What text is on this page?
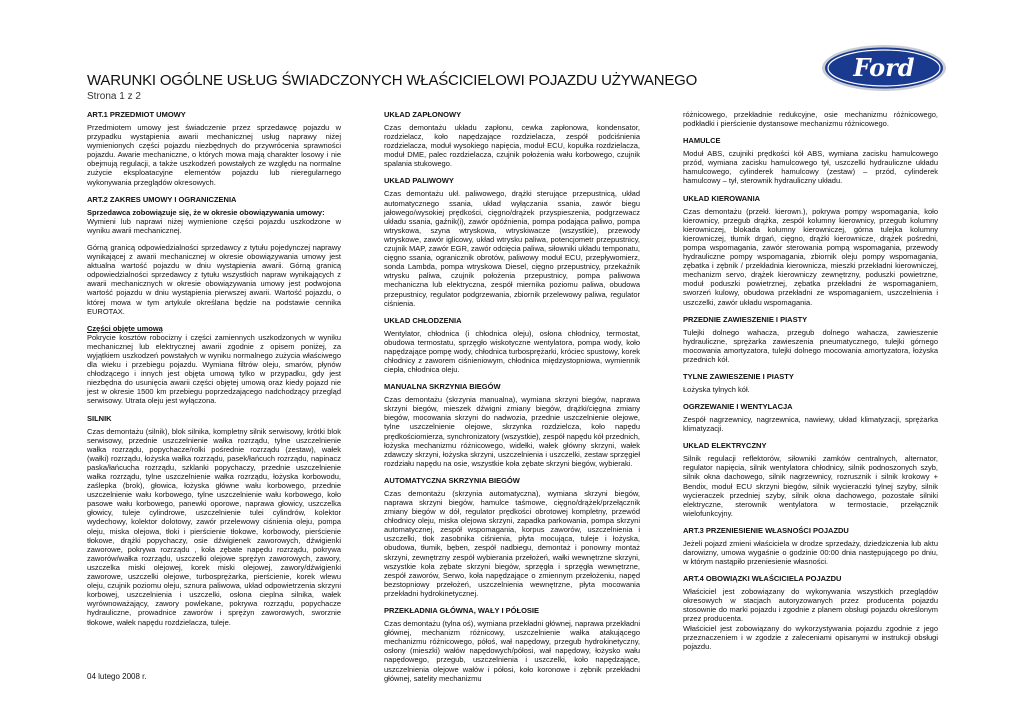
Ford
WARUNKI OGÓLNE USŁUG ŚWIADCZONYCH WŁAŚCICIELOWI POJAZDU UŻYWANEGO
Strona 1 z 2
ART.1 PRZEDMIOT UMOWY

Przedmiotem umowy jest świadczenie przez sprzedawcę pojazdu w przypadku wystąpienia awarii mechanicznej usług naprawy niżej wymienionych części pojazdu niezbędnych do przywrócenia sprawności pojazdu. Awarie mechaniczne, o których mowa mają charakter losowy i nie obejmują regulacji, a także uszkodzeń powstałych ze względu na normalne zużycie eksploatacyjne elementów pojazdu lub nieregularnego wykonywania przeglądów okresowych.

ART.2 ZAKRES UMOWY I OGRANICZENIA

Sprzedawca zobowiązuje się, że w okresie obowiązywania umowy:
Wymieni lub naprawi niżej wymienione części pojazdu uszkodzone w wyniku awarii mechanicznej.

Górną granicą odpowiedzialności sprzedawcy z tytułu pojedynczej naprawy wynikającej z awarii mechanicznej w okresie obowiązywania umowy jest aktualna wartość pojazdu w dniu wystąpienia awarii. Górną granicą odpowiedzialności sprzedawcy z tytułu wszystkich napraw wynikających z awarii mechanicznych w okresie obowiązywania umowy jest podwojona wartość pojazdu w dniu wystąpienia pierwszej awarii. Wartość pojazdu, o której mowa w tym artykule określana będzie na podstawie cennika EUROTAX.

Części objęte umową
Pokrycie kosztów robocizny i części zamiennych uszkodzonych w wyniku mechanicznej lub elektrycznej awarii zgodnie z opisem poniżej, za wyjątkiem uszkodzeń powstałych w wyniku normalnego zużycia właściwego dla wieku i przebiegu pojazdu. Wymiana filtrów oleju, smarów, płynów chłodzącego i innych jest objęta umową tylko w przypadku, gdy jest niezbędna do usunięcia awarii części objętej umową oraz kiedy pojazd nie jest w okresie 1500 km przebiegu poprzedzającego nadchodzący przegląd serwisowy. Utrata oleju jest wyłączona.

SILNIK

Czas demontażu (silnik), blok silnika, kompletny silnik serwisowy, krótki blok serwisowy, przednie uszczelnienie wałka rozrządu, tylne uszczelnienie wałka rozrządu, popychacze/rolki pośrednie rozrządu (zestaw), wałek (wałki) rozrządu, łożyska wałka rozrządu, pasek/łańcuch rozrządu, napinacz paska/łańcucha rozrządu, szklanki popychaczy, przednie uszczelnienie wałka rozrządu, tylne uszczelnienie wałka rozrządu, łożyska korbowodu, zaślepka (brok), głowica, łożyska główne wału korbowego, przednie uszczelnienie wału korbowego, tylne uszczelnienie wału korbowego, koło pasowe wału korbowego, panewki oporowe, naprawa głowicy, uszczelka głowicy, tuleje cylindrowe, uszczelnienie tulei cylindrów, kolektor wydechowy, kolektor dolotowy, zawór przelewowy ciśnienia oleju, pompa oleju, miska olejowa, tłoki i pierścienie tłokowe, korbowody, pierścienie tłokowe, drążki popychaczy, osie dźwigienek zaworowych, dźwigienki zaworowe, pokrywa rozrządu , koła zębate napędu rozrządu, pokrywa zaworów/wałka rozrządu, uszczelki olejowe sprężyn zaworowych, zawory, uszczelka miski olejowej, korek miski olejowej, zawory/dźwigienki zaworowe, uszczelki olejowe, turbosprężarka, pierścienie, korek wlewu oleju, czujnik poziomu oleju, sznura paliwowa, układ odpowietrzenia skrzyni korbowej, uszczelnienia i uszczelki, osłona cieplna silnika, wałek wyrównoważający, zawory powlekane, pokrywa rozrządu, popychacze hydrauliczne, prowadnice zaworów i sprężyn zaworowych, sworznie tłokowe, wałek napędu rozdzielacza, tuleje.

UKŁAD ZAPŁONOWY

Czas demontażu układu zapłonu, cewka zapłonowa, kondensator, rozdzielacz, koło napędzające rozdzielacza, zespół podciśnienia rozdzielacza, moduł wysokiego napięcia, moduł ECU, kopułka rozdzielacza, moduł DME, palec rozdzielacza, czujnik położenia wału korbowego, czujnik spalania stukowego.

UKŁAD PALIWOWY

Czas demontażu ukł. paliwowego, drążki sterujące przepustnicą, układ automatycznego ssania, układ wyłączania ssania, zawór biegu jałowego/wysokiej prędkości, cięgno/drążek przyspieszenia, podgrzewacz układu ssania, gaźnik(i), zawór opóźnienia, pompa podająca paliwo, pompa wtryskowa, szyna wtryskowa, wtryskiwacze (wszystkie), przewody wtryskowe, zawór iglicowy, układ wtrysku paliwa, potencjometr przepustnicy, czujnik MAP, zawór EGR, zawór odcięcia paliwa, siłowniki układu temponatu, cięgno ssania, ogranicznik obrotów, paliwowy moduł ECU, przepływomierz, sonda Lambda, pompa wtryskowa Diesel, cięgno przepustnicy, przekaźnik wtrysku paliwa, czujnik położenia przepustnicy, pompa paliwowa mechaniczna lub elektryczna, zespół miernika poziomu paliwa, obudowa przepustnicy, regulator podgrzewania, zbiornik przelewowy paliwa, regulator ciśnienia.

UKŁAD CHŁODZENIA

Wentylator, chłodnica (i chłodnica oleju), osłona chłodnicy, termostat, obudowa termostatu, sprzęgło wiskotyczne wentylatora, pompa wody, koło napędzające pompę wody, chłodnica turbosprężarki, króciec spustowy, korek chłodnicy z zaworem ciśnieniowym, chłodnica międzystopniowa, wymiennik ciepła, chłodnica oleju.

MANUALNA SKRZYNIA BIEGÓW

Czas demontażu (skrzynia manualna), wymiana skrzyni biegów, naprawa skrzyni biegów, mieszek dźwigni zmiany biegów, drążki/cięgna zmiany biegów, mocowania skrzyni do nadwozia, przednie uszczelnienie olejowe, tylne uszczelnienie olejowe, skrzynka rozdzielcza, koło napędu prędkościomierza, synchronizatory (wszystkie), zespół napędu kół przednich, łożyska mechanizmu różnicowego, widełki, wałek główny skrzyni, wałek zdawczy skrzyni, łożyska skrzyni, uszczelnienia i uszczelki, zestaw sprzęgieł rozdziału napędu na osie, wszystkie koła zębate skrzyni biegów, wybieraki.

AUTOMATYCZNA SKRZYNIA BIEGÓW

Czas demontażu (skrzynia automatyczna), wymiana skrzyni biegów, naprawa skrzyni biegów, hamulce taśmowe, cięgno/drążek/przełącznik zmiany biegów w dół, regulator prędkości obrotowej kompletny, przewód chłodnicy oleju, miska olejowa skrzyni, zapadka parkowania, pompa skrzyni automatycznej, zespół wspomagania, korpus zaworów, uszczelnienia i uszczelki, tłok zasobnika ciśnienia, płyta mocująca, tuleje i łożyska, obudowa, tłumik, bęben, zespół nadbiegu, demontaż i ponowny montaż skrzyni, zewnętrzny zespół wybierania przełożeń, wałki wewnętrzne skrzyni, wszystkie koła zębate skrzyni biegów, sprzęgła i sprzęgła wewnętrzne, zespół zaworów, Serwo, koła napędzające o zmiennym przełożeniu, napęd bezstopniowy przełożeń, uszczelnienia wewnętrzne, płyta mocowania przekładni hydrokinetycznej.

PRZEKŁADNIA GŁÓWNA, WAŁY I PÓŁOSIE

Czas demontażu (tylna oś), wymiana przekładni głównej, naprawa przekładni głównej, mechanizm różnicowy, uszczelnienie wałka atakującego mechanizmu różnicowego, półoś, wał napędowy, przegub hydrokinetyczny, osłony (mieszki) wałów napędowych/półosi, wał napędowy, łożysko wału napędowego, przegub, uszczelnienia i uszczelki, koło napędzające, uszczelnienia olejowe wałów i półosi, koło koronowe i zębnik przekładni głównej, satelity mechanizmu

różnicowego, przekładnie redukcyjne, osie mechanizmu różnicowego, podkładki i pierścienie dystansowe mechanizmu różnicowego.

HAMULCE

Moduł ABS, czujniki prędkości kół ABS, wymiana zacisku hamulcowego przód, wymiana zacisku hamulcowego tył, uszczelki hydrauliczne układu hamulcowego, cylinderek hamulcowy (zestaw) – przód, cylinderek hamulcowy – tył, sterownik hydrauliczny układu.

UKŁAD KIEROWANIA

Czas demontażu (przekł. kierown.), pokrywa pompy wspomagania, koło kierownicy, przegub drążka, zespół kolumny kierownicy, przegub kolumny kierowniczej, blokada kolumny kierowniczej, górna tulejka kolumny kierowniczej, tłumik drgań, cięgno, drążki kierownicze, drążek pośredni, pompa wspomagania, zawór sterowania pompą wspomagania, przewody hydrauliczne pompy wspomagania, zbiornik oleju pompy wspomagania, zębatka i zębnik / przekładnia kierownicza, mieszki przekładni kierowniczej, mechanizm servo, drążek kierowniczy zewnętrzny, poduszki powietrzne, moduł poduszki powietrznej, zębatka przekładni że wspomaganiem, sworzeń kulowy, obudowa przekładni ze wspomaganiem, uszczelnienia i uszczelki, zawór układu wspomagania.

PRZEDNIE ZAWIESZENIE I PIASTY

Tulejki dolnego wahacza, przegub dolnego wahacza, zawieszenie hydrauliczne, sprężarka zawieszenia pneumatycznego, tulejki górnego mocowania amortyzatora, tulejki dolnego mocowania amortyzatora, łożyska przednich kół.

TYLNE ZAWIESZENIE I PIASTY

Łożyska tylnych kół.

OGRZEWANIE I WENTYLACJA

Zespół nagrzewnicy, nagrzewnica, nawiewy, układ klimatyzacji, sprężarka klimatyzacji.

UKŁAD ELEKTRYCZNY

Silnik regulacji reflektorów, siłowniki zamków centralnych, alternator, regulator napięcia, silnik wentylatora chłodnicy, silnik podnoszonych szyb, silnik okna dachowego, silnik nagrzewnicy, rozrusznik i silnik krokowy + Bendix, moduł ECU skrzyni biegów, silnik wycieraczki tylnej szyby, silnik wycieraczek przedniej szyby, silnik okna dachowego, pozostałe silniki elektryczne, sterownik wentylatora w termostacie, przełącznik wielofunkcyjny.

ART.3 PRZENIESIENIE WŁASNOŚCI POJAZDU

Jeżeli pojazd zmieni właściciela w drodze sprzedaży, dziedziczenia lub aktu darowizny, umowa wygaśnie o godzinie 00:00 dnia następującego po dniu, w którym nastąpiło przeniesienie własności.

ART.4 OBOWIĄZKI WŁAŚCICIELA POJAZDU

Właściciel jest zobowiązany do wykonywania wszystkich przeglądów okresowych w stacjach autoryzowanych przez producenta pojazdu stosownie do marki pojazdu i zgodnie z planem obsługi pojazdu określonym przez producenta.

Właściciel jest zobowiązany do wykorzystywania pojazdu zgodnie z jego przeznaczeniem i w zgodzie z zaleceniami opisanymi w instrukcji obsługi pojazdu.

04 lutego 2008 r.
